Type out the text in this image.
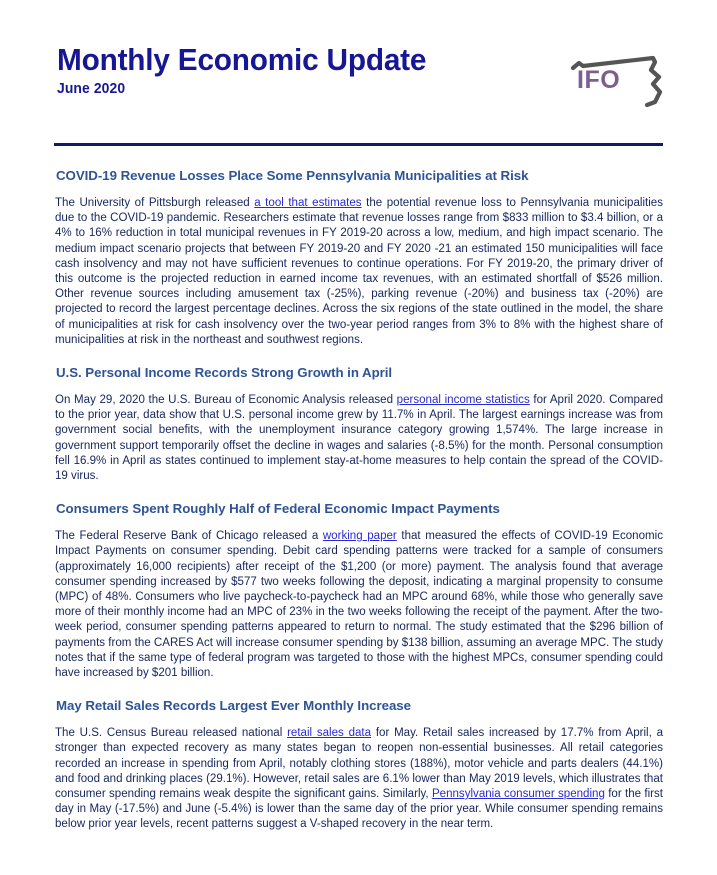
Monthly Economic Update
June 2020	IFO
COVID-19 Revenue Losses Place Some Pennsylvania Municipalities at Risk

The University of Pittsburgh released a tool that estimates the potential revenue loss to Pennsylvania municipalities due to the COVID-19 pandemic. Researchers estimate that revenue losses range from $833 million to $3.4 billion, or a 4% to 16% reduction in total municipal revenues in FY 2019-20 across a low, medium, and high impact scenario. The medium impact scenario projects that between FY 2019-20 and FY 2020 -21 an estimated 150 municipalities will face cash insolvency and may not have sufficient revenues to continue operations. For FY 2019-20, the primary driver of this outcome is the projected reduction in earned income tax revenues, with an estimated shortfall of $526 million. Other revenue sources including amusement tax (-25%), parking revenue (-20%) and business tax (-20%) are projected to record the largest percentage declines. Across the six regions of the state outlined in the model, the share of municipalities at risk for cash insolvency over the two-year period ranges from 3% to 8% with the highest share of municipalities at risk in the northeast and southwest regions.

U.S. Personal Income Records Strong Growth in April

On May 29, 2020 the U.S. Bureau of Economic Analysis released personal income statistics for April 2020. Compared to the prior year, data show that U.S. personal income grew by 11.7% in April. The largest earnings increase was from government social benefits, with the unemployment insurance category growing 1,574%. The large increase in government support temporarily offset the decline in wages and salaries (-8.5%) for the month. Personal consumption fell 16.9% in April as states continued to implement stay-at-home measures to help contain the spread of the COVID-19 virus.

Consumers Spent Roughly Half of Federal Economic Impact Payments

The Federal Reserve Bank of Chicago released a working paper that measured the effects of COVID-19 Economic Impact Payments on consumer spending. Debit card spending patterns were tracked for a sample of consumers (approximately 16,000 recipients) after receipt of the $1,200 (or more) payment. The analysis found that average consumer spending increased by $577 two weeks following the deposit, indicating a marginal propensity to consume (MPC) of 48%. Consumers who live paycheck-to-paycheck had an MPC around 68%, while those who generally save more of their monthly income had an MPC of 23% in the two weeks following the receipt of the payment. After the two-week period, consumer spending patterns appeared to return to normal. The study estimated that the $296 billion of payments from the CARES Act will increase consumer spending by $138 billion, assuming an average MPC. The study notes that if the same type of federal program was targeted to those with the highest MPCs, consumer spending could have increased by $201 billion.

May Retail Sales Records Largest Ever Monthly Increase

The U.S. Census Bureau released national retail sales data for May. Retail sales increased by 17.7% from April, a stronger than expected recovery as many states began to reopen non-essential businesses. All retail categories recorded an increase in spending from April, notably clothing stores (188%), motor vehicle and parts dealers (44.1%) and food and drinking places (29.1%). However, retail sales are 6.1% lower than May 2019 levels, which illustrates that consumer spending remains weak despite the significant gains. Similarly, Pennsylvania consumer spending for the first day in May (-17.5%) and June (-5.4%) is lower than the same day of the prior year. While consumer spending remains below prior year levels, recent patterns suggest a V-shaped recovery in the near term.
